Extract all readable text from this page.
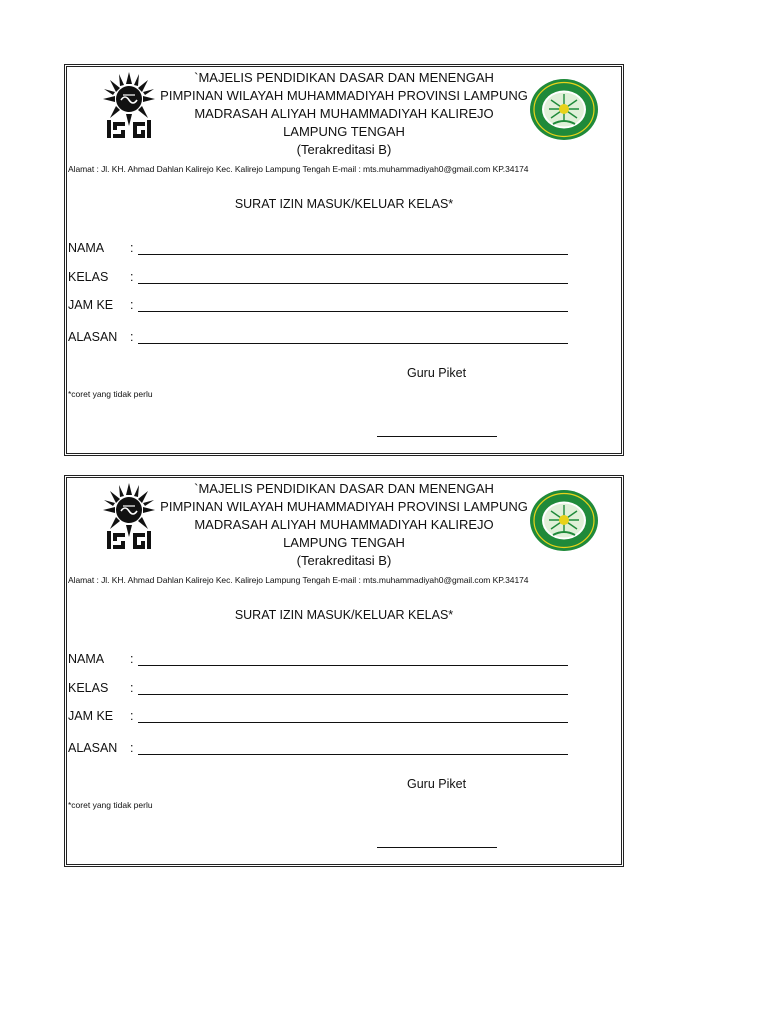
`MAJELIS PENDIDIKAN DASAR DAN MENENGAH
PIMPINAN WILAYAH MUHAMMADIYAH PROVINSI LAMPUNG
MADRASAH ALIYAH MUHAMMADIYAH KALIREJO
LAMPUNG TENGAH
(Terakreditasi B)
Alamat : Jl. KH. Ahmad Dahlan Kalirejo Kec. Kalirejo Lampung Tengah E-mail : mts.muhammadiyah0@gmail.com KP.34174
SURAT IZIN MASUK/KELUAR KELAS*
NAMA :
KELAS :
JAM KE :
ALASAN :
Guru Piket
*coret yang tidak perlu
`MAJELIS PENDIDIKAN DASAR DAN MENENGAH
PIMPINAN WILAYAH MUHAMMADIYAH PROVINSI LAMPUNG
MADRASAH ALIYAH MUHAMMADIYAH KALIREJO
LAMPUNG TENGAH
(Terakreditasi B)
Alamat : Jl. KH. Ahmad Dahlan Kalirejo Kec. Kalirejo Lampung Tengah E-mail : mts.muhammadiyah0@gmail.com KP.34174
SURAT IZIN MASUK/KELUAR KELAS*
NAMA :
KELAS :
JAM KE :
ALASAN :
Guru Piket
*coret yang tidak perlu
